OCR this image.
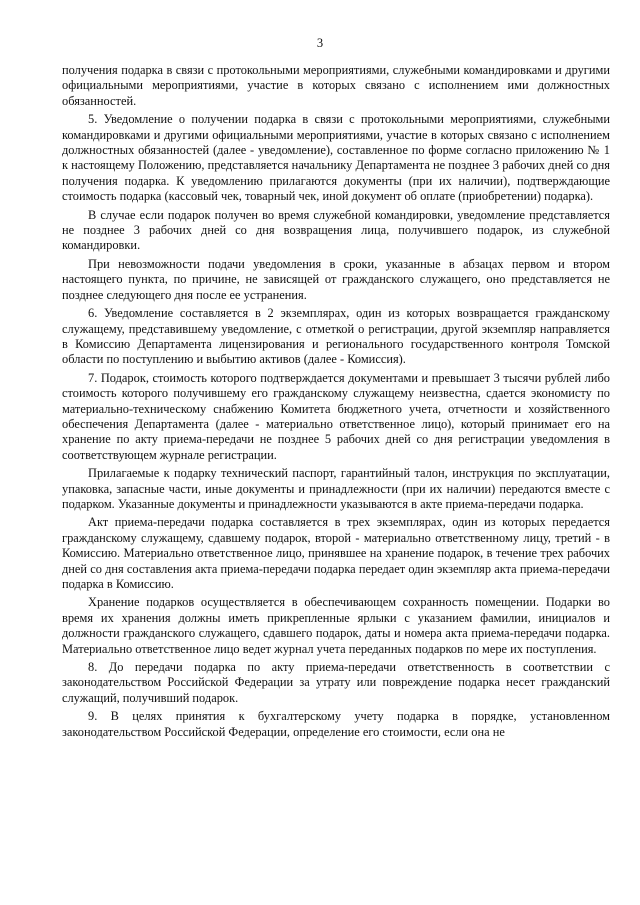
3

получения подарка в связи с протокольными мероприятиями, служебными командировками и другими официальными мероприятиями, участие в которых связано с исполнением ими должностных обязанностей.

5. Уведомление о получении подарка в связи с протокольными мероприятиями, служебными командировками и другими официальными мероприятиями, участие в которых связано с исполнением должностных обязанностей (далее - уведомление), составленное по форме согласно приложению № 1 к настоящему Положению, представляется начальнику Департамента не позднее 3 рабочих дней со дня получения подарка. К уведомлению прилагаются документы (при их наличии), подтверждающие стоимость подарка (кассовый чек, товарный чек, иной документ об оплате (приобретении) подарка).

В случае если подарок получен во время служебной командировки, уведомление представляется не позднее 3 рабочих дней со дня возвращения лица, получившего подарок, из служебной командировки.

При невозможности подачи уведомления в сроки, указанные в абзацах первом и втором настоящего пункта, по причине, не зависящей от гражданского служащего, оно представляется не позднее следующего дня после ее устранения.

6. Уведомление составляется в 2 экземплярах, один из которых возвращается гражданскому служащему, представившему уведомление, с отметкой о регистрации, другой экземпляр направляется в Комиссию Департамента лицензирования и регионального государственного контроля Томской области по поступлению и выбытию активов (далее - Комиссия).

7. Подарок, стоимость которого подтверждается документами и превышает 3 тысячи рублей либо стоимость которого получившему его гражданскому служащему неизвестна, сдается экономисту по материально-техническому снабжению Комитета бюджетного учета, отчетности и хозяйственного обеспечения Департамента (далее - материально ответственное лицо), который принимает его на хранение по акту приема-передачи не позднее 5 рабочих дней со дня регистрации уведомления в соответствующем журнале регистрации.

Прилагаемые к подарку технический паспорт, гарантийный талон, инструкция по эксплуатации, упаковка, запасные части, иные документы и принадлежности (при их наличии) передаются вместе с подарком. Указанные документы и принадлежности указываются в акте приема-передачи подарка.

Акт приема-передачи подарка составляется в трех экземплярах, один из которых передается гражданскому служащему, сдавшему подарок, второй - материально ответственному лицу, третий - в Комиссию. Материально ответственное лицо, принявшее на хранение подарок, в течение трех рабочих дней со дня составления акта приема-передачи подарка передает один экземпляр акта приема-передачи подарка в Комиссию.

Хранение подарков осуществляется в обеспечивающем сохранность помещении. Подарки во время их хранения должны иметь прикрепленные ярлыки с указанием фамилии, инициалов и должности гражданского служащего, сдавшего подарок, даты и номера акта приема-передачи подарка. Материально ответственное лицо ведет журнал учета переданных подарков по мере их поступления.

8. До передачи подарка по акту приема-передачи ответственность в соответствии с законодательством Российской Федерации за утрату или повреждение подарка несет гражданский служащий, получивший подарок.

9. В целях принятия к бухгалтерскому учету подарка в порядке, установленном законодательством Российской Федерации, определение его стоимости, если она не
